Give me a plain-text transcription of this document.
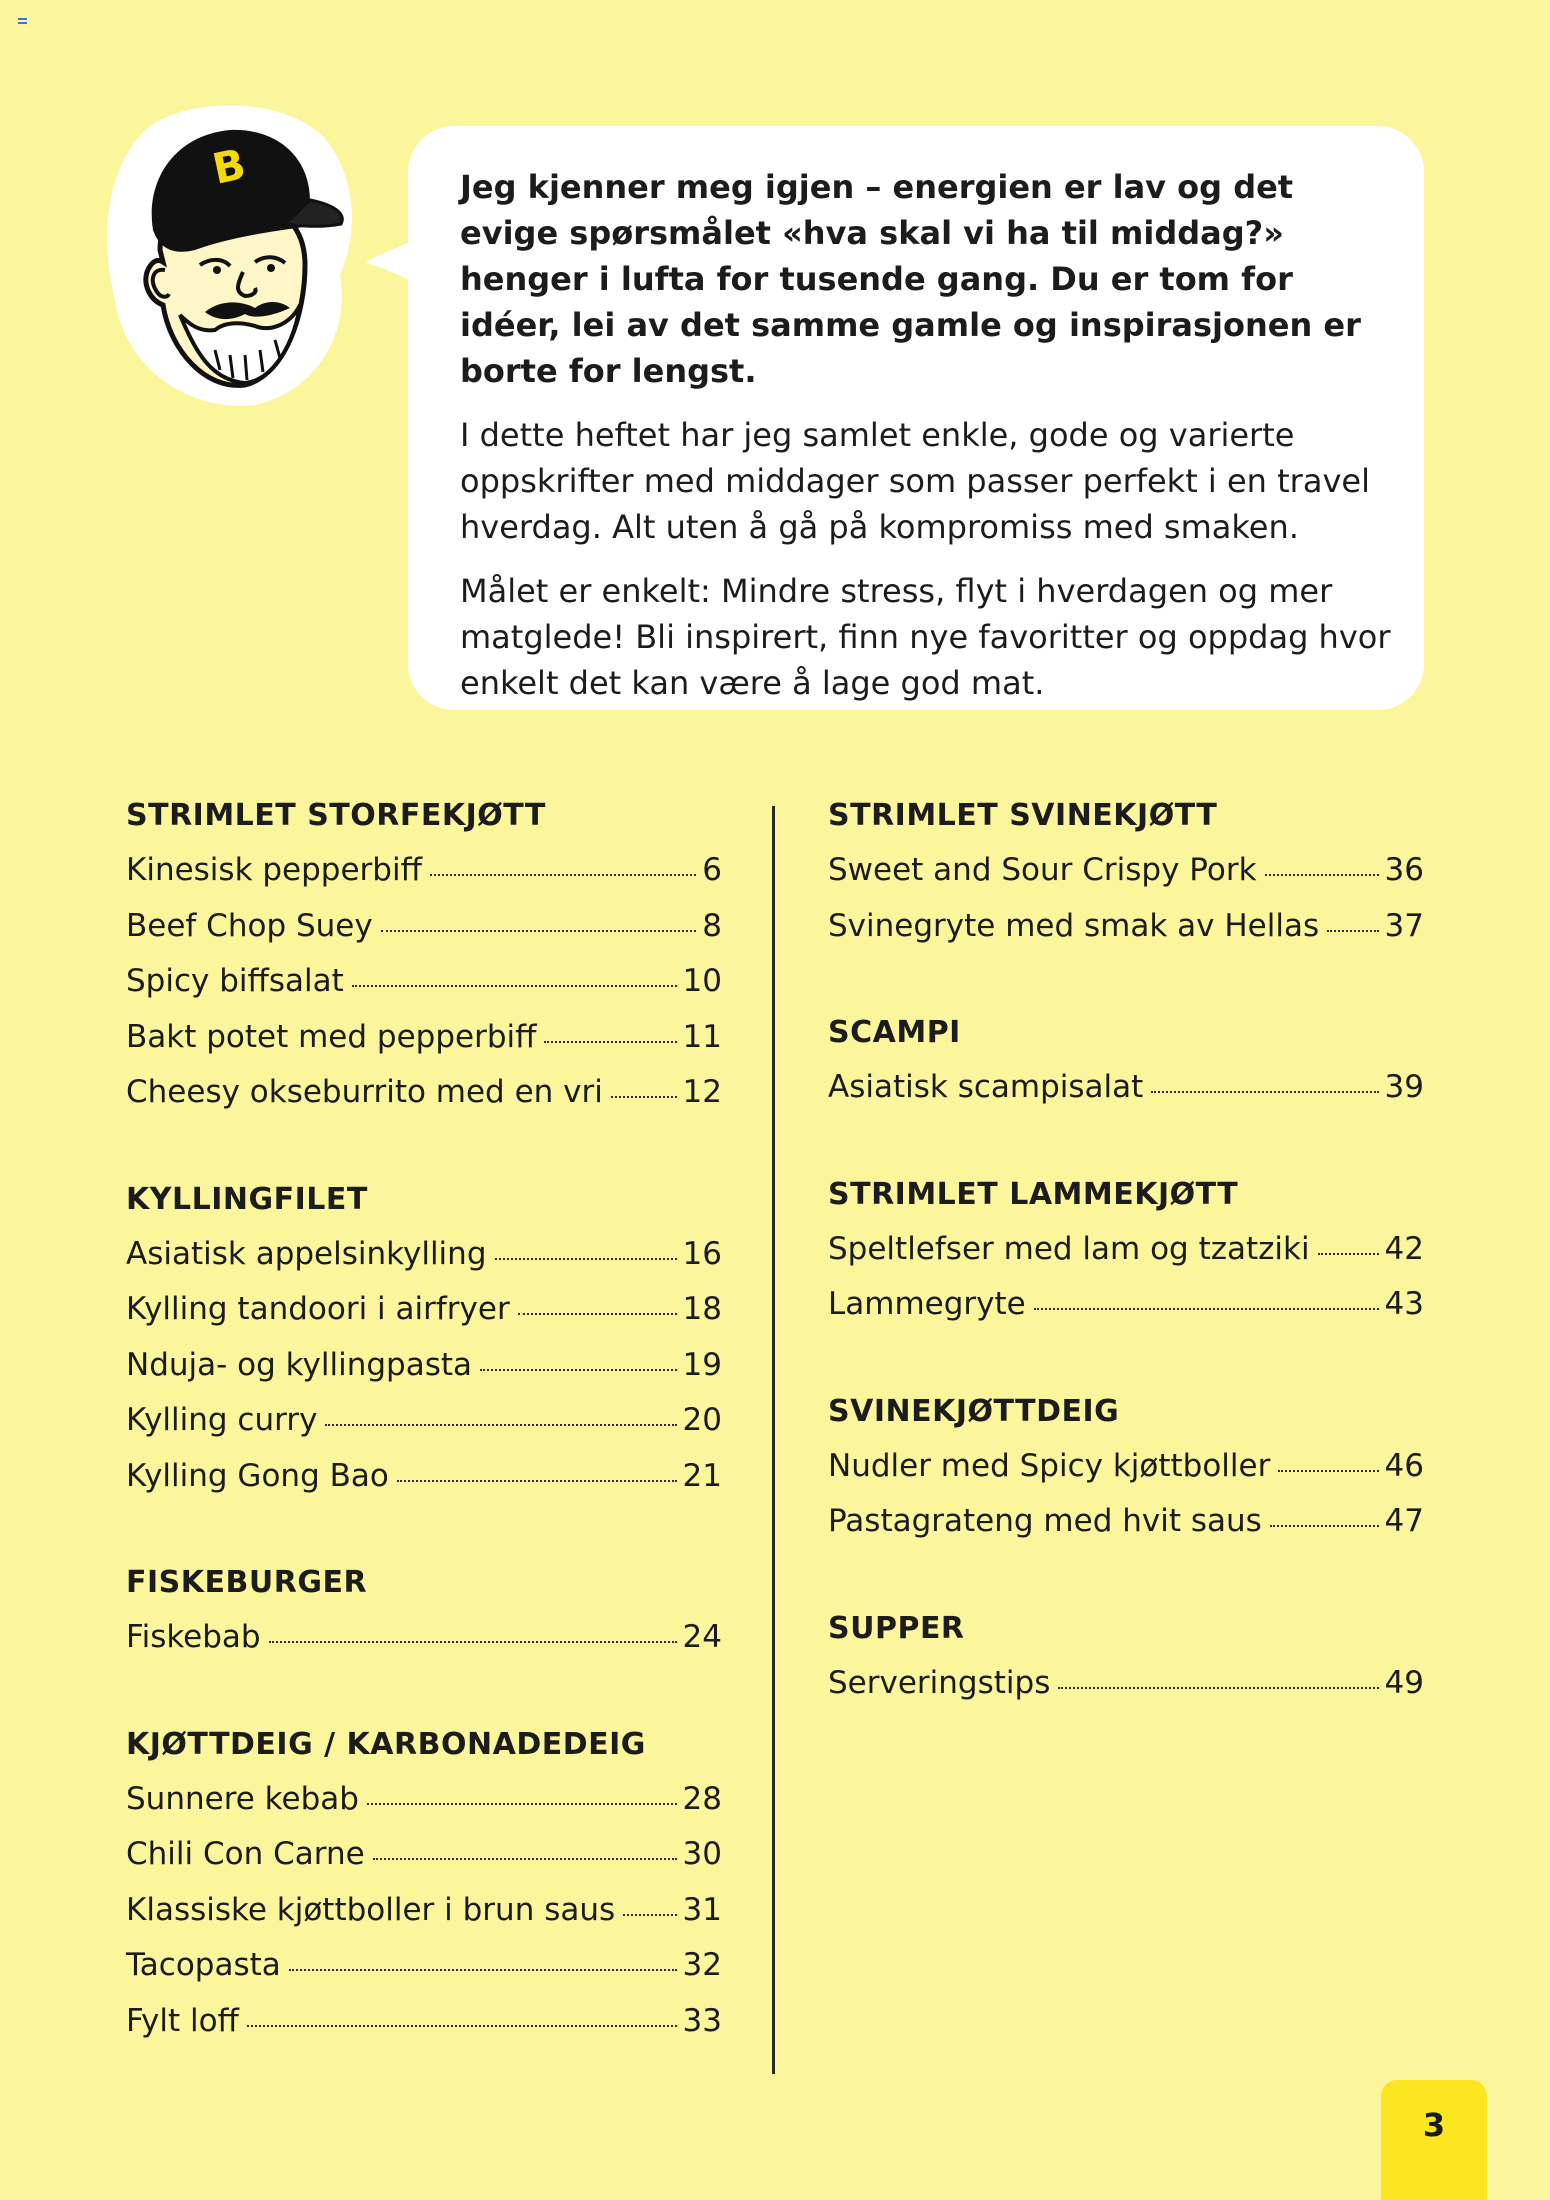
B	Jeg kjenner meg igjen – energien er lav og det evige spørsmålet «hva skal vi ha til middag?» henger i lufta for tusende gang. Du er tom for idéer, lei av det samme gamle og inspirasjonen er borte for lengst.

I dette heftet har jeg samlet enkle, gode og varierte oppskrifter med middager som passer perfekt i en travel hverdag. Alt uten å gå på kompromiss med smaken.

Målet er enkelt: Mindre stress, flyt i hverdagen og mer matglede! Bli inspirert, finn nye favoritter og oppdag hvor enkelt det kan være å lage god mat.

STRIMLET STORFEKJØTT
Kinesisk pepperbiff	6
Beef Chop Suey	8
Spicy biffsalat	10
Bakt potet med pepperbiff	11
Cheesy okseburrito med en vri	12
KYLLINGFILET
Asiatisk appelsinkylling	16
Kylling tandoori i airfryer	18
Nduja- og kyllingpasta	19
Kylling curry	20
Kylling Gong Bao	21
FISKEBURGER
Fiskebab	24
KJØTTDEIG / KARBONADEDEIG
Sunnere kebab	28
Chili Con Carne	30
Klassiske kjøttboller i brun saus 31
Tacopasta	32
Fylt loff	33
STRIMLET SVINEKJØTT
Sweet and Sour Crispy Pork	36
Svinegryte med smak av Hellas 37
SCAMPI
Asiatisk scampisalat	39
STRIMLET LAMMEKJØTT
Speltlefser med lam og tzatziki 42
Lammegryte	43
SVINEKJØTTDEIG
Nudler med Spicy kjøttboller	46
Pastagrateng med hvit saus	47
SUPPER
Serveringstips	49
3
